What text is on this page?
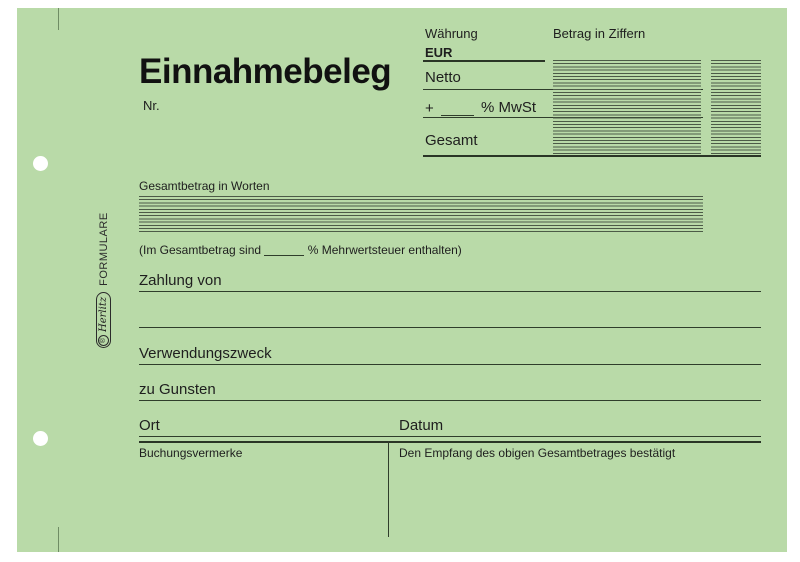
®
Herlitz
FORMULARE
Einnahmebeleg
Nr.
Währung
EUR
Betrag in Ziffern
Netto
+	% MwSt
Gesamt
Gesamtbetrag in Worten
(Im Gesamtbetrag sind	% Mehrwertsteuer enthalten)
Zahlung von
Verwendungszweck
zu Gunsten
Ort	Datum
Buchungsvermerke	Den Empfang des obigen Gesamtbetrages bestätigt
